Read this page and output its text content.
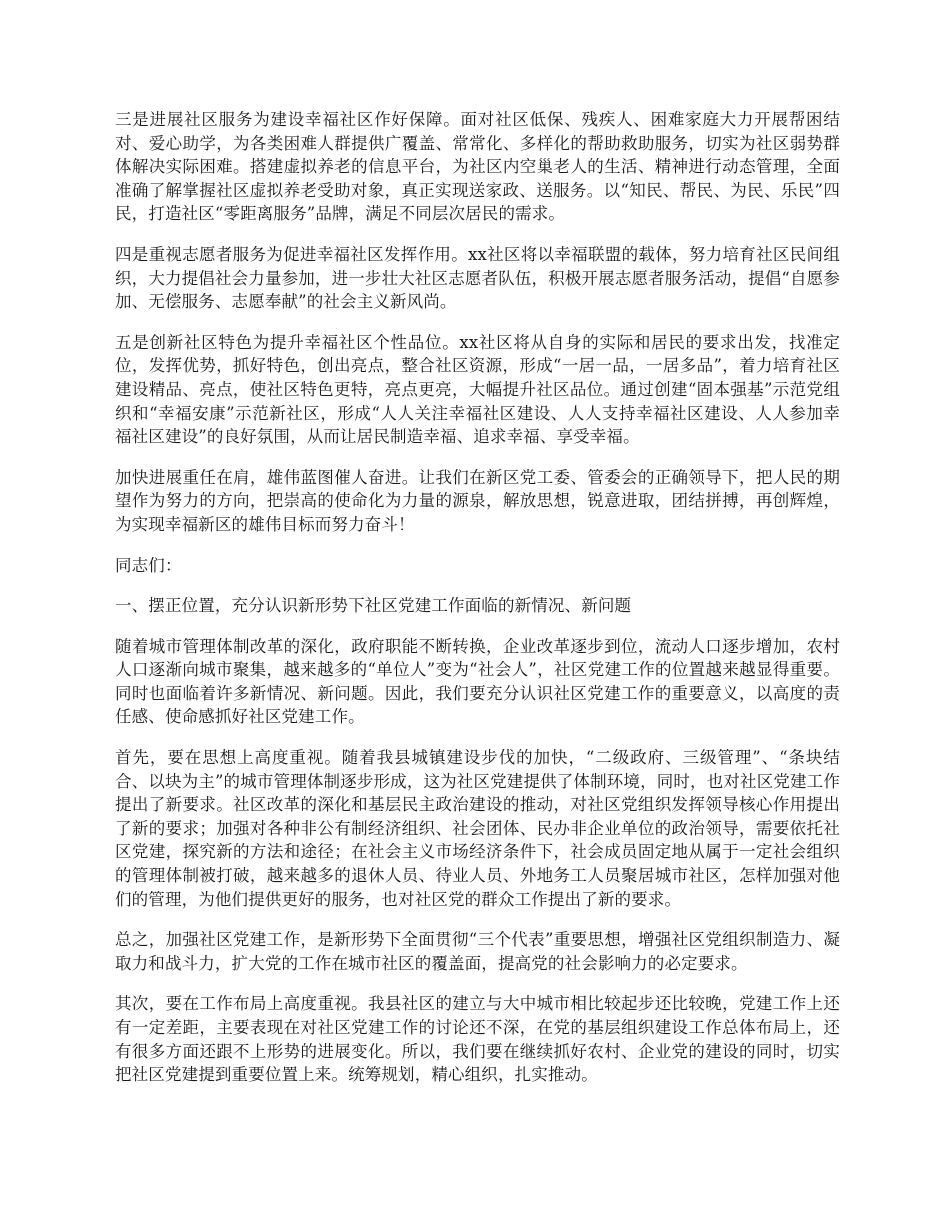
三是进展社区服务为建设幸福社区作好保障。面对社区低保、残疾人、困难家庭大力开展帮困结对、爱心助学，为各类困难人群提供广覆盖、常常化、多样化的帮助救助服务，切实为社区弱势群体解决实际困难。搭建虚拟养老的信息平台，为社区内空巢老人的生活、精神进行动态管理，全面准确了解掌握社区虚拟养老受助对象，真正实现送家政、送服务。以“知民、帮民、为民、乐民”四民，打造社区“零距离服务”品牌，满足不同层次居民的需求。

四是重视志愿者服务为促进幸福社区发挥作用。xx社区将以幸福联盟的载体，努力培育社区民间组织，大力提倡社会力量参加，进一步壮大社区志愿者队伍，积极开展志愿者服务活动，提倡“自愿参加、无偿服务、志愿奉献”的社会主义新风尚。

五是创新社区特色为提升幸福社区个性品位。xx社区将从自身的实际和居民的要求出发，找准定位，发挥优势，抓好特色，创出亮点，整合社区资源，形成“一居一品，一居多品”，着力培育社区建设精品、亮点，使社区特色更特，亮点更亮，大幅提升社区品位。通过创建“固本强基”示范党组织和“幸福安康”示范新社区，形成“人人关注幸福社区建设、人人支持幸福社区建设、人人参加幸福社区建设”的良好氛围，从而让居民制造幸福、追求幸福、享受幸福。

加快进展重任在肩，雄伟蓝图催人奋进。让我们在新区党工委、管委会的正确领导下，把人民的期望作为努力的方向，把崇高的使命化为力量的源泉，解放思想，锐意进取，团结拼搏，再创辉煌，为实现幸福新区的雄伟目标而努力奋斗！

同志们：

一、摆正位置，充分认识新形势下社区党建工作面临的新情况、新问题

随着城市管理体制改革的深化，政府职能不断转换，企业改革逐步到位，流动人口逐步增加，农村人口逐渐向城市聚集，越来越多的“单位人”变为“社会人”，社区党建工作的位置越来越显得重要。同时也面临着许多新情况、新问题。因此，我们要充分认识社区党建工作的重要意义，以高度的责任感、使命感抓好社区党建工作。

首先，要在思想上高度重视。随着我县城镇建设步伐的加快，“二级政府、三级管理”、“条块结合、以块为主”的城市管理体制逐步形成，这为社区党建提供了体制环境，同时，也对社区党建工作提出了新要求。社区改革的深化和基层民主政治建设的推动，对社区党组织发挥领导核心作用提出了新的要求；加强对各种非公有制经济组织、社会团体、民办非企业单位的政治领导，需要依托社区党建，探究新的方法和途径；在社会主义市场经济条件下，社会成员固定地从属于一定社会组织的管理体制被打破，越来越多的退休人员、待业人员、外地务工人员聚居城市社区，怎样加强对他们的管理，为他们提供更好的服务，也对社区党的群众工作提出了新的要求。

总之，加强社区党建工作，是新形势下全面贯彻“三个代表”重要思想，增强社区党组织制造力、凝取力和战斗力，扩大党的工作在城市社区的覆盖面，提高党的社会影响力的必定要求。

其次，要在工作布局上高度重视。我县社区的建立与大中城市相比较起步还比较晚，党建工作上还有一定差距，主要表现在对社区党建工作的讨论还不深，在党的基层组织建设工作总体布局上，还有很多方面还跟不上形势的进展变化。所以，我们要在继续抓好农村、企业党的建设的同时，切实把社区党建提到重要位置上来。统筹规划，精心组织，扎实推动。
